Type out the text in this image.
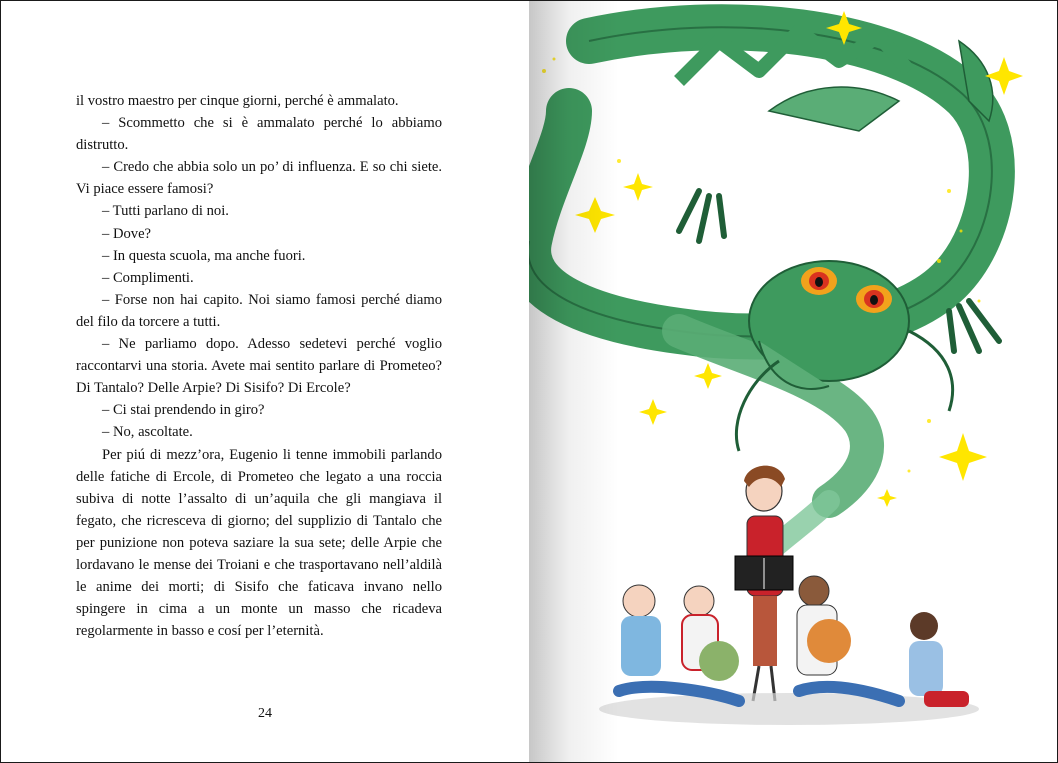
il vostro maestro per cinque giorni, perché è ammalato.

– Scommetto che si è ammalato perché lo abbiamo distrutto.

– Credo che abbia solo un po’ di influenza. E so chi siete. Vi piace essere famosi?

– Tutti parlano di noi.

– Dove?

– In questa scuola, ma anche fuori.

– Complimenti.

– Forse non hai capito. Noi siamo famosi perché diamo del filo da torcere a tutti.

– Ne parliamo dopo. Adesso sedetevi perché voglio raccontarvi una storia. Avete mai sentito parlare di Prometeo? Di Tantalo? Delle Arpie? Di Sisifo? Di Ercole?

– Ci stai prendendo in giro?

– No, ascoltate.

Per piú di mezz’ora, Eugenio li tenne immobili parlando delle fatiche di Ercole, di Prometeo che legato a una roccia subiva di notte l’assalto di un’aquila che gli mangiava il fegato, che ricresceva di giorno; del supplizio di Tantalo che per punizione non poteva saziare la sua sete; delle Arpie che lordavano le mense dei Troiani e che trasportavano nell’aldilà le anime dei morti; di Sisifo che faticava invano nello spingere in cima a un monte un masso che ricadeva regolarmente in basso e cosí per l’eternità.

24
